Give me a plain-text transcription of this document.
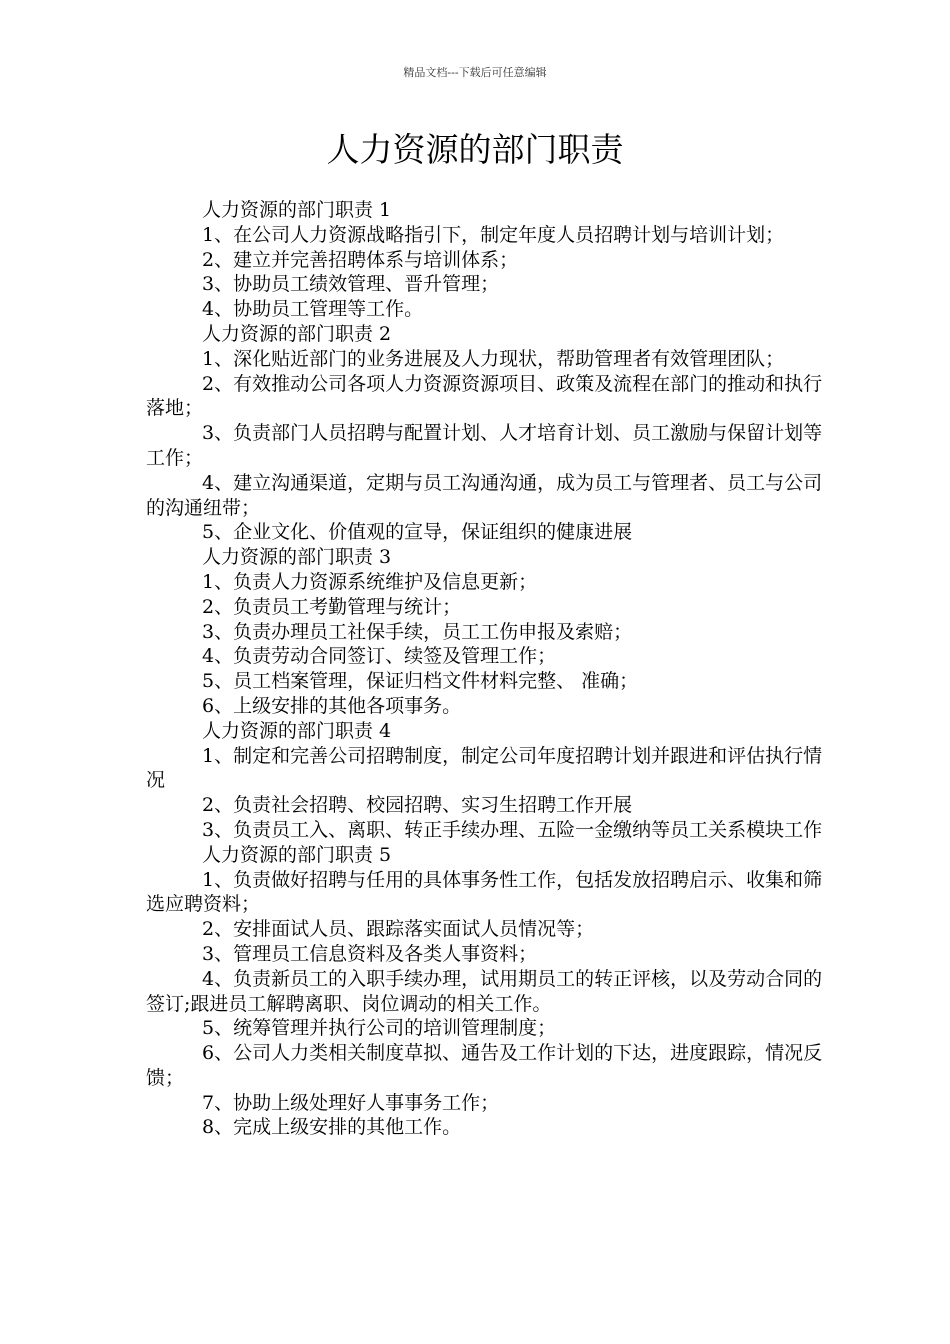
精品文档---下载后可任意编辑
人力资源的部门职责

人力资源的部门职责 1

1、在公司人力资源战略指引下，制定年度人员招聘计划与培训计划；

2、建立并完善招聘体系与培训体系；

3、协助员工绩效管理、晋升管理；

4、协助员工管理等工作。

人力资源的部门职责 2

1、深化贴近部门的业务进展及人力现状，帮助管理者有效管理团队；

2、有效推动公司各项人力资源资源项目、政策及流程在部门的推动和执行落地；

3、负责部门人员招聘与配置计划、人才培育计划、员工激励与保留计划等工作；

4、建立沟通渠道，定期与员工沟通沟通，成为员工与管理者、员工与公司的沟通纽带；

5、企业文化、价值观的宣导，保证组织的健康进展

人力资源的部门职责 3

1、负责人力资源系统维护及信息更新；

2、负责员工考勤管理与统计；

3、负责办理员工社保手续，员工工伤申报及索赔；

4、负责劳动合同签订、续签及管理工作；

5、员工档案管理，保证归档文件材料完整、 准确；

6、上级安排的其他各项事务。

人力资源的部门职责 4

1、制定和完善公司招聘制度，制定公司年度招聘计划并跟进和评估执行情况

2、负责社会招聘、校园招聘、实习生招聘工作开展

3、负责员工入、离职、转正手续办理、五险一金缴纳等员工关系模块工作

人力资源的部门职责 5

1、负责做好招聘与任用的具体事务性工作，包括发放招聘启示、收集和筛选应聘资料；

2、安排面试人员、跟踪落实面试人员情况等；

3、管理员工信息资料及各类人事资料；

4、负责新员工的入职手续办理，试用期员工的转正评核，以及劳动合同的签订;跟进员工解聘离职、岗位调动的相关工作。

5、统筹管理并执行公司的培训管理制度；

6、公司人力类相关制度草拟、通告及工作计划的下达，进度跟踪，情况反馈；

7、协助上级处理好人事事务工作；

8、完成上级安排的其他工作。
